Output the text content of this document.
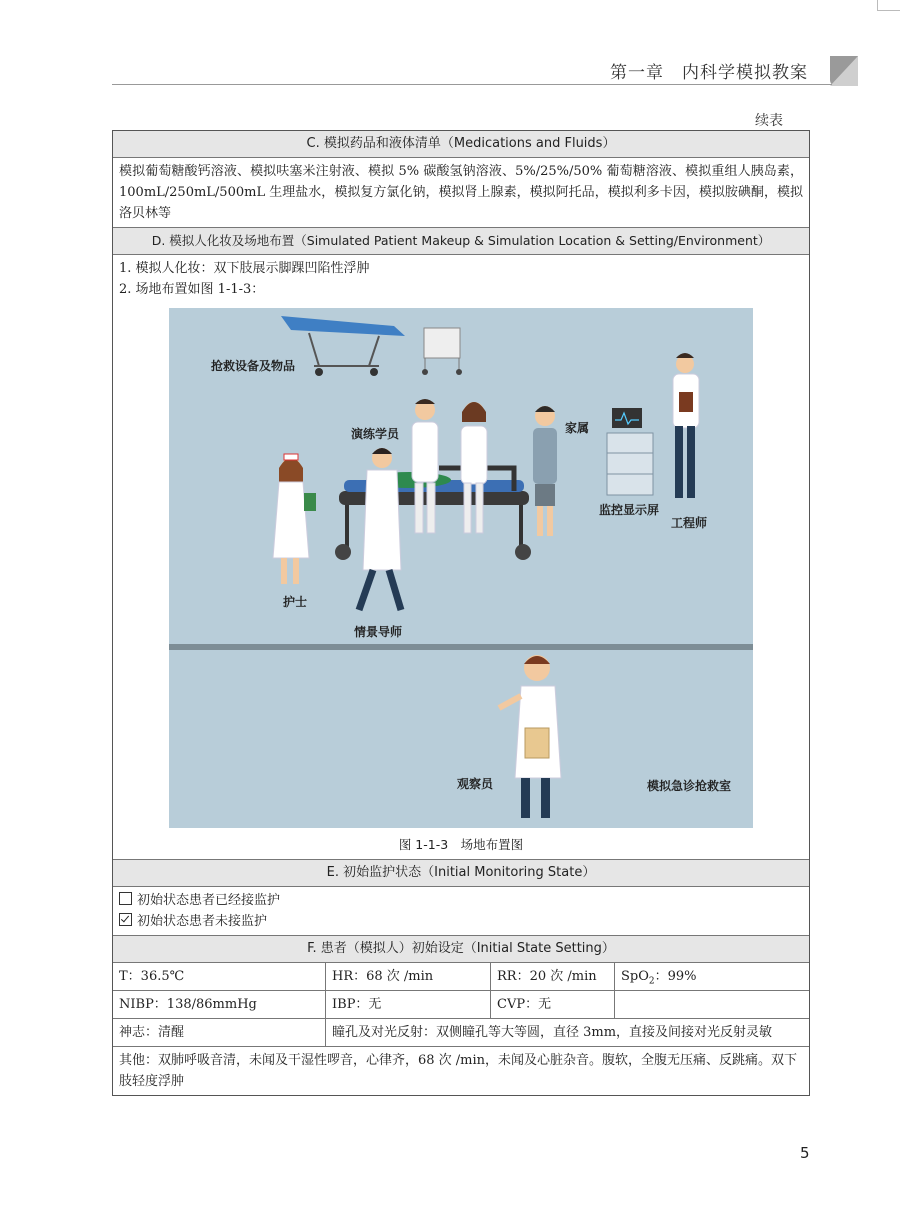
第一章　内科学模拟教案
续表
C. 模拟药品和液体清单（Medications and Fluids）
模拟葡萄糖酸钙溶液、模拟呋塞米注射液、模拟 5% 碳酸氢钠溶液、5%/25%/50% 葡萄糖溶液、模拟重组人胰岛素，100mL/250mL/500mL 生理盐水，模拟复方氯化钠，模拟肾上腺素，模拟阿托品，模拟利多卡因，模拟胺碘酮，模拟洛贝林等
D. 模拟人化妆及场地布置（Simulated Patient Makeup & Simulation Location & Setting/Environment）
1. 模拟人化妆：双下肢展示脚踝凹陷性浮肿
2. 场地布置如图 1-1-3：
抢救设备及物品
演练学员	家属
监控显示屏
工程师
护士
情景导师
观察员	模拟急诊抢救室
图 1-1-3　场地布置图
E. 初始监护状态（Initial Monitoring State）
初始状态患者已经接监护
初始状态患者未接监护
F. 患者（模拟人）初始设定（Initial State Setting）
T：36.5℃	HR：68 次 /min	RR：20 次 /min	SpO$_2$：99%
NIBP：138/86mmHg	IBP：无	CVP：无
神志：清醒	瞳孔及对光反射：双侧瞳孔等大等圆，直径 3mm，直接及间接对光反射灵敏
其他：双肺呼吸音清，未闻及干湿性啰音，心律齐，68 次 /min，未闻及心脏杂音。腹软，全腹无压痛、反跳痛。双下肢轻度浮肿
5
